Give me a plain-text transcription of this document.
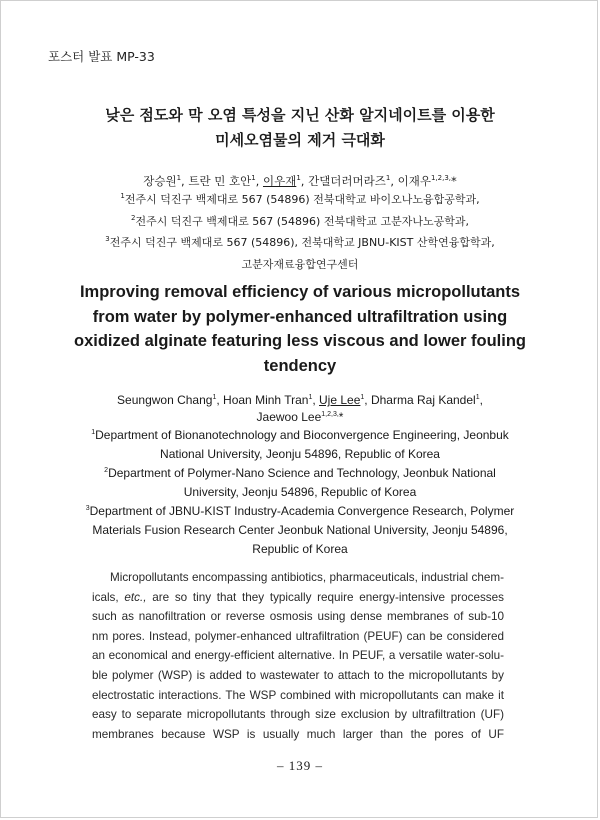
포스터 발표 MP-33
낮은 점도와 막 오염 특성을 지닌 산화 알지네이트를 이용한
미세오염물의 제거 극대화
장승원$^1$, 트란 민 호안$^1$, 이우재$^1$, 간댈더러머라즈$^1$, 이재우$^{1,2,3,}$*
$^1$전주시 덕진구 백제대로 567 (54896) 전북대학교 바이오나노융합공학과,
$^2$전주시 덕진구 백제대로 567 (54896) 전북대학교 고분자나노공학과,
$^3$전주시 덕진구 백제대로 567 (54896), 전북대학교 JBNU-KIST 산학연융합학과,
고분자재료융합연구센터
Improving removal efficiency of various micropollutants
from water by polymer-enhanced ultrafiltration using
oxidized alginate featuring less viscous and lower fouling
tendency
Seungwon Chang$^1$, Hoan Minh Tran$^1$, Uje Lee$^1$, Dharma Raj Kandel$^1$,
Jaewoo Lee$^{1,2,3,}$*
$^1$Department of Bionanotechnology and Bioconvergence Engineering, Jeonbuk
National University, Jeonju 54896, Republic of Korea
$^2$Department of Polymer-Nano Science and Technology, Jeonbuk National
University, Jeonju 54896, Republic of Korea
$^3$Department of JBNU-KIST Industry-Academia Convergence Research, Polymer
Materials Fusion Research Center Jeonbuk National University, Jeonju 54896,
Republic of Korea
Micropollutants encompassing antibiotics, pharmaceuticals, industrial chem-
icals, etc., are so tiny that they typically require energy-intensive processes
such as nanofiltration or reverse osmosis using dense membranes of sub-10
nm pores. Instead, polymer-enhanced ultrafiltration (PEUF) can be considered
an economical and energy-efficient alternative. In PEUF, a versatile water-solu-
ble polymer (WSP) is added to wastewater to attach to the micropollutants by
electrostatic interactions. The WSP combined with micropollutants can make it
easy to separate micropollutants through size exclusion by ultrafiltration (UF)
membranes because WSP is usually much larger than the pores of UF
– 139 –
